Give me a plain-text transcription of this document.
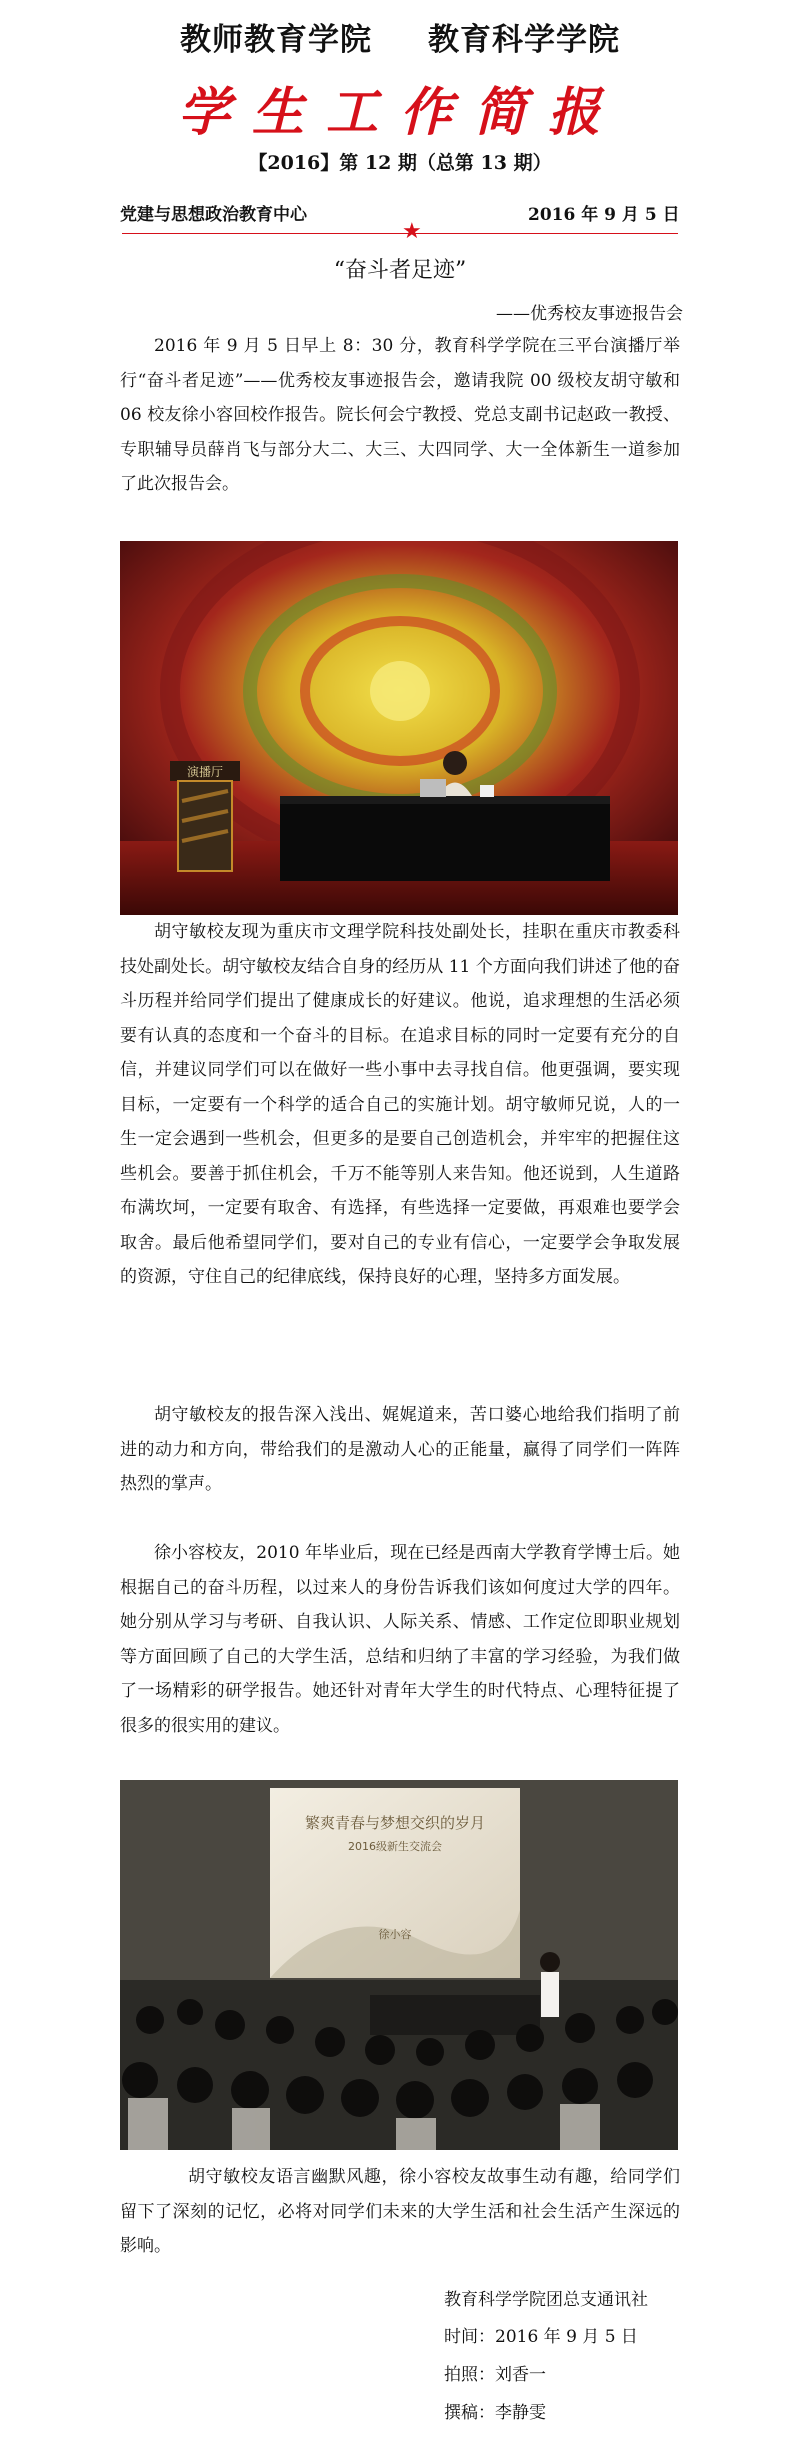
教师教育学院 教育科学学院
学生工作简报
【2016】第 12 期（总第 13 期）
党建与思想政治教育中心	2016 年 9 月 5 日
★
“奋斗者足迹”
——优秀校友事迹报告会

2016 年 9 月 5 日早上 8：30 分，教育科学学院在三平台演播厅举行“奋斗者足迹”——优秀校友事迹报告会，邀请我院 00 级校友胡守敏和 06 校友徐小容回校作报告。院长何会宁教授、党总支副书记赵政一教授、专职辅导员薛肖飞与部分大二、大三、大四同学、大一全体新生一道参加了此次报告会。

演播厅

胡守敏校友现为重庆市文理学院科技处副处长，挂职在重庆市教委科技处副处长。胡守敏校友结合自身的经历从 11 个方面向我们讲述了他的奋斗历程并给同学们提出了健康成长的好建议。他说，追求理想的生活必须要有认真的态度和一个奋斗的目标。在追求目标的同时一定要有充分的自信，并建议同学们可以在做好一些小事中去寻找自信。他更强调，要实现目标，一定要有一个科学的适合自己的实施计划。胡守敏师兄说，人的一生一定会遇到一些机会，但更多的是要自己创造机会，并牢牢的把握住这些机会。要善于抓住机会，千万不能等别人来告知。他还说到，人生道路布满坎坷，一定要有取舍、有选择，有些选择一定要做，再艰难也要学会取舍。最后他希望同学们，要对自己的专业有信心，一定要学会争取发展的资源，守住自己的纪律底线，保持良好的心理，坚持多方面发展。

胡守敏校友的报告深入浅出、娓娓道来，苦口婆心地给我们指明了前进的动力和方向，带给我们的是激动人心的正能量，赢得了同学们一阵阵热烈的掌声。

徐小容校友，2010 年毕业后，现在已经是西南大学教育学博士后。她根据自己的奋斗历程，以过来人的身份告诉我们该如何度过大学的四年。她分别从学习与考研、自我认识、人际关系、情感、工作定位即职业规划等方面回顾了自己的大学生活，总结和归纳了丰富的学习经验，为我们做了一场精彩的研学报告。她还针对青年大学生的时代特点、心理特征提了很多的很实用的建议。

繁爽青春与梦想交织的岁月
2016级新生交流会
徐小容

胡守敏校友语言幽默风趣，徐小容校友故事生动有趣，给同学们留下了深刻的记忆，必将对同学们未来的大学生活和社会生活产生深远的影响。

教育科学学院团总支通讯社
时间：2016 年 9 月 5 日
拍照：刘香一
撰稿：李静雯
